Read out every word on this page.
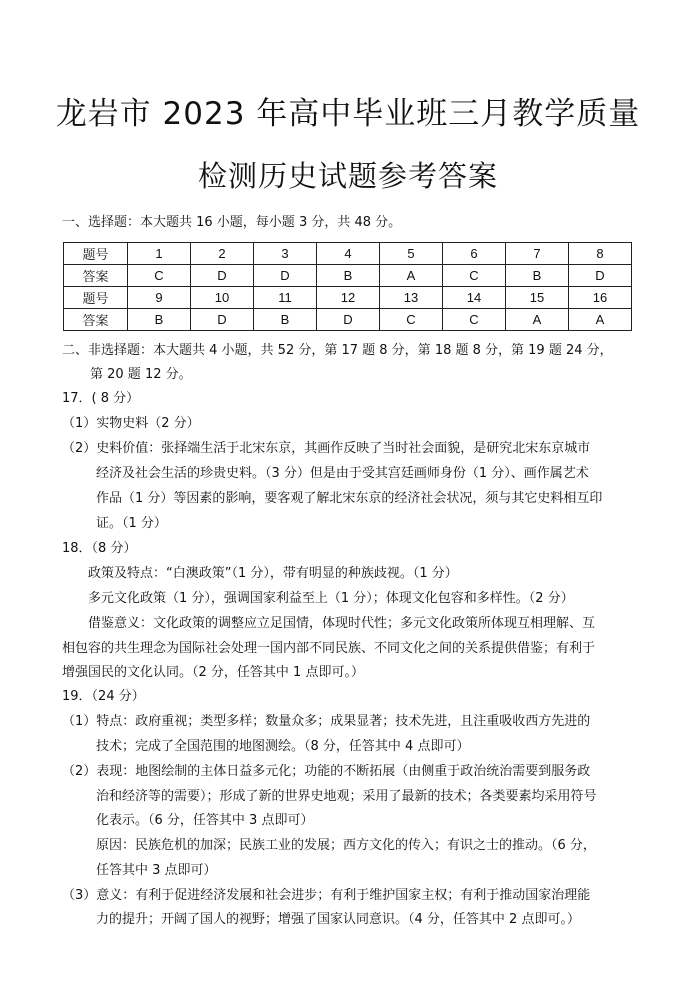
龙岩市 2023 年高中毕业班三月教学质量
检测历史试题参考答案
一、选择题：本大题共 16 小题，每小题 3 分，共 48 分。
题号	1	2	3	4	5	6	7	8
答案	C	D	D	B	A	C	B	D
题号	9	10	11	12	13	14	15	16
答案	B	D	B	D	C	C	A	A
二、非选择题：本大题共 4 小题，共 52 分，第 17 题 8 分，第 18 题 8 分，第 19 题 24 分，
第 20 题 12 分。
17．( 8 分）
（1）实物史料（2 分）
（2）史料价值：张择端生活于北宋东京，其画作反映了当时社会面貌，是研究北宋东京城市
经济及社会生活的珍贵史料。（3 分）但是由于受其宫廷画师身份（1 分）、画作属艺术
作品（1 分）等因素的影响，要客观了解北宋东京的经济社会状况，须与其它史料相互印
证。（1 分）
18．（8 分）
政策及特点：“白澳政策”（1 分），带有明显的种族歧视。（1 分）
多元文化政策（1 分），强调国家利益至上（1 分）；体现文化包容和多样性。（2 分）
借鉴意义：文化政策的调整应立足国情，体现时代性；多元文化政策所体现互相理解、互
相包容的共生理念为国际社会处理一国内部不同民族、不同文化之间的关系提供借鉴；有利于
增强国民的文化认同。（2 分，任答其中 1 点即可。）
19．（24 分）
（1）特点：政府重视；类型多样；数量众多；成果显著；技术先进，且注重吸收西方先进的
技术；完成了全国范围的地图测绘。（8 分，任答其中 4 点即可）
（2）表现：地图绘制的主体日益多元化；功能的不断拓展（由侧重于政治统治需要到服务政
治和经济等的需要）；形成了新的世界史地观；采用了最新的技术；各类要素均采用符号
化表示。（6 分，任答其中 3 点即可）
原因：民族危机的加深；民族工业的发展；西方文化的传入；有识之士的推动。（6 分，
任答其中 3 点即可）
（3）意义：有利于促进经济发展和社会进步；有利于维护国家主权；有利于推动国家治理能
力的提升；开阔了国人的视野；增强了国家认同意识。（4 分，任答其中 2 点即可。）
